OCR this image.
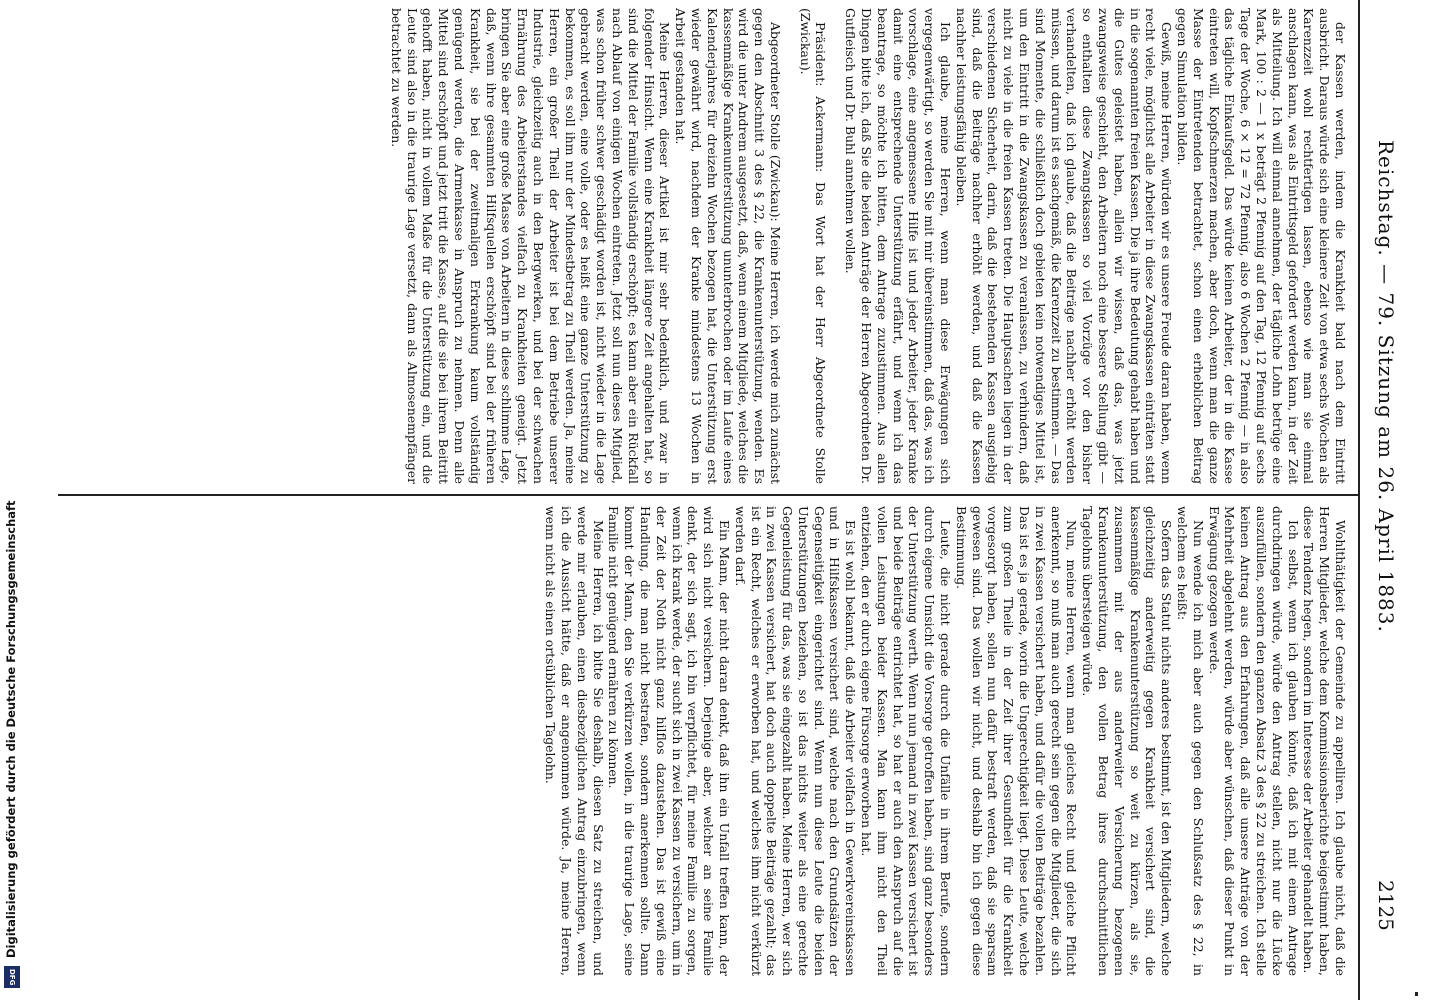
Reichstag. — 79. Sitzung am 26. April 1883.
2125

der Kassen werden, indem die Krankheit bald nach dem Eintritt ausbricht. Daraus würde sich eine kleinere Zeit von etwa sechs Wochen als Karenzzeit wohl rechtfertigen lassen, ebenso wie man sie einmal anschlagen kann, was als Eintrittsgeld gefordert werden kann, in der Zeit als Mitteilung. Ich will einmal annehmen, der tägliche Lohn betrüge eine Mark, 100 : 2 — 1 x beträgt 2 Pfennig auf den Tag, 12 Pfennig auf sechs Tage der Woche, 6 × 12 = 72 Pfennig, also 6 Wochen 2 Pfennig — in also das tägliche Einkaufsgeld. Das würde keinen Arbeiter, der in die Kasse eintreten will, Kopfschmerzen machen, aber doch, wenn man die ganze Masse der Eintretenden betrachtet, schon einen erheblichen Beitrag gegen Simulation bilden.

Gewiß, meine Herren, würden wir es unsere Freude daran haben, wenn recht viele, möglichst alle Arbeiter in diese Zwangskassen einträten statt in die sogenannten freien Kassen. Die ja ihre Bedeutung gehabt haben und die Gutes geleistet haben, allein wir wissen, daß das, was jetzt zwangsweise geschieht, den Arbeitern noch eine bessere Stellung gibt — so enthalten diese Zwangskassen so viel Vorzüge vor den bisher verhandelten, daß ich glaube, daß die Beiträge nachher erhöht werden müssen, und darum ist es sachgemäß, die Karenzzeit zu bestimmen. — Das sind Momente, die schließlich doch gebieten kein notwendiges Mittel ist, um den Eintritt in die Zwangskassen zu veranlassen, zu verhindern, daß nicht zu viele in die freien Kassen treten. Die Hauptsachen liegen in der verschiedenen Sicherheit, darin, daß die bestehenden Kassen ausgiebig sind, daß die Beiträge nachher erhöht werden, und daß die Kassen nachher leistungsfähig bleiben.

Ich glaube, meine Herren, wenn man diese Erwägungen sich vergegenwärtigt, so werden Sie mit mir übereinstimmen, daß das, was ich vorschlage, eine angemessene Hilfe ist und jeder Arbeiter, jeder Kranke damit eine entsprechende Unterstützung erfährt, und wenn ich das beantrage, so möchte ich bitten, dem Antrage zuzustimmen. Aus allen Dingen bitte ich, daß Sie die beiden Anträge der Herren Abgeordneten Dr. Gutfleisch und Dr. Buhl annehmen wollen.

Präsident: Ackermann: Das Wort hat der Herr Abgeordnete Stolle (Zwickau).

Abgeordneter Stolle (Zwickau): Meine Herren, ich werde mich zunächst gegen den Abschnitt 3 des § 22, die Krankenunterstützung, wenden. Es wird die unter Andrem ausgesetzt, daß, wenn einem Mitgliede, welches die kassenmäßige Krankenunterstützung ununterbrochen oder im Laufe eines Kalenderjahres für dreizehn Wochen bezogen hat, die Unterstützung erst wieder gewährt wird, nachdem der Kranke mindestens 13 Wochen in Arbeit gestanden hat.

Meine Herren, dieser Artikel ist mir sehr bedenklich, und zwar in folgender Hinsicht. Wenn eine Krankheit längere Zeit angehalten hat, so sind die Mittel der Familie vollständig erschöpft; es kann aber ein Rückfall nach Ablauf von einigen Wochen eintreten. Jetzt soll nun dieses Mitglied, was schon früher schwer geschädigt worden ist, nicht wieder in die Lage gebracht werden, eine volle, oder es heißt eine ganze Unterstützung zu bekommen, es soll ihm nur der Mindestbetrag zu Theil werden. Ja, meine Herren, ein großer Theil der Arbeiter ist bei dem Betriebe unserer Industrie, gleichzeitig auch in den Bergwerken, und bei der schwachen Ernährung des Arbeiterstandes vielfach zu Krankheiten geneigt. Jetzt bringen Sie aber eine große Masse von Arbeitern in diese schlimme Lage, daß, wenn ihre gesammten Hilfsquellen erschöpft sind bei der früheren Krankheit, sie bei der zweitmaligen Erkrankung kaum vollständig genügend werden, die Armenkasse in Anspruch zu nehmen. Denn alle Mittel sind erschöpft und jetzt tritt die Kasse, auf die sie bei ihrem Beitritt gehofft haben, nicht in vollem Maße für die Unterstützung ein, und die Leute sind also in die traurige Lage versetzt, dann als Almosenempfänger betrachtet zu werden.

Wohlthätigkeit der Gemeinde zu appelliren. Ich glaube nicht, daß die Herren Mitglieder, welche dem Kommissionsberichte beigestimmt haben, diese Tendenz hegen, sondern im Interesse der Arbeiter gehandelt haben.

Ich selbst, wenn ich glauben könnte, daß ich mit einem Antrage durchdringen würde, würde den Antrag stellen, nicht nur die Lücke auszufüllen, sondern den ganzen Absatz 3 des § 22 zu streichen. Ich stelle keinen Antrag aus den Erfahrungen, daß alle unsere Anträge von der Mehrheit abgelehnt werden, würde aber wünschen, daß dieser Punkt in Erwägung gezogen werde.

Nun wende ich mich aber auch gegen den Schlußsatz des § 22, in welchem es heißt:

Sofern das Statut nichts anderes bestimmt, ist den Mitgliedern, welche gleichzeitig anderweitig gegen Krankheit versichert sind, die kassenmäßige Krankenunterstützung so weit zu kürzen, als sie, zusammen mit der aus anderweiter Versicherung bezogenen Krankenunterstützung, den vollen Betrag ihres durchschnittlichen Tagelohns übersteigen würde.

Nun, meine Herren, wenn man gleiches Recht und gleiche Pflicht anerkennt, so muß man auch gerecht sein gegen die Mitglieder, die sich in zwei Kassen versichert haben, und dafür die vollen Beiträge bezahlen. Das ist es ja gerade, worin die Ungerechtigkeit liegt. Diese Leute, welche zum großen Theile in der Zeit ihrer Gesundheit für die Krankheit vorgesorgt haben, sollen nun dafür bestraft werden, daß sie sparsam gewesen sind. Das wollen wir nicht, und deshalb bin ich gegen diese Bestimmung.

Leute, die nicht gerade durch die Unfälle in ihrem Berufe, sondern durch eigene Umsicht die Vorsorge getroffen haben, sind ganz besonders der Unterstützung werth. Wenn nun jemand in zwei Kassen versichert ist und beide Beiträge entrichtet hat, so hat er auch den Anspruch auf die vollen Leistungen beider Kassen. Man kann ihm nicht den Theil entziehen, den er durch eigene Fürsorge erworben hat.

Es ist wohl bekannt, daß die Arbeiter vielfach in Gewerkvereinskassen und in Hilfskassen versichert sind, welche nach den Grundsätzen der Gegenseitigkeit eingerichtet sind. Wenn nun diese Leute die beiden Unterstützungen beziehen, so ist das nichts weiter als eine gerechte Gegenleistung für das, was sie eingezahlt haben. Meine Herren, wer sich in zwei Kassen versichert, hat doch auch doppelte Beiträge gezahlt; das ist ein Recht, welches er erworben hat, und welches ihm nicht verkürzt werden darf.

Ein Mann, der nicht daran denkt, daß ihn ein Unfall treffen kann, der wird sich nicht versichern. Derjenige aber, welcher an seine Familie denkt, der sich sagt, ich bin verpflichtet, für meine Familie zu sorgen, wenn ich krank werde, der sucht sich in zwei Kassen zu versichern, um in der Zeit der Noth nicht ganz hilflos dazustehen. Das ist gewiß eine Handlung, die man nicht bestrafen, sondern anerkennen sollte. Dann kommt der Mann, den Sie verkürzen wollen, in die traurige Lage, seine Familie nicht genügend ernähren zu können.

Meine Herren, ich bitte Sie deshalb, diesen Satz zu streichen, und werde mir erlauben, einen diesbezüglichen Antrag einzubringen, wenn ich die Aussicht hätte, daß er angenommen würde. Ja, meine Herren, wenn nicht als einen ortsüblichen Tagelohn.

Digitalisierung gefördert durch die Deutsche Forschungsgemeinschaft
DFG
